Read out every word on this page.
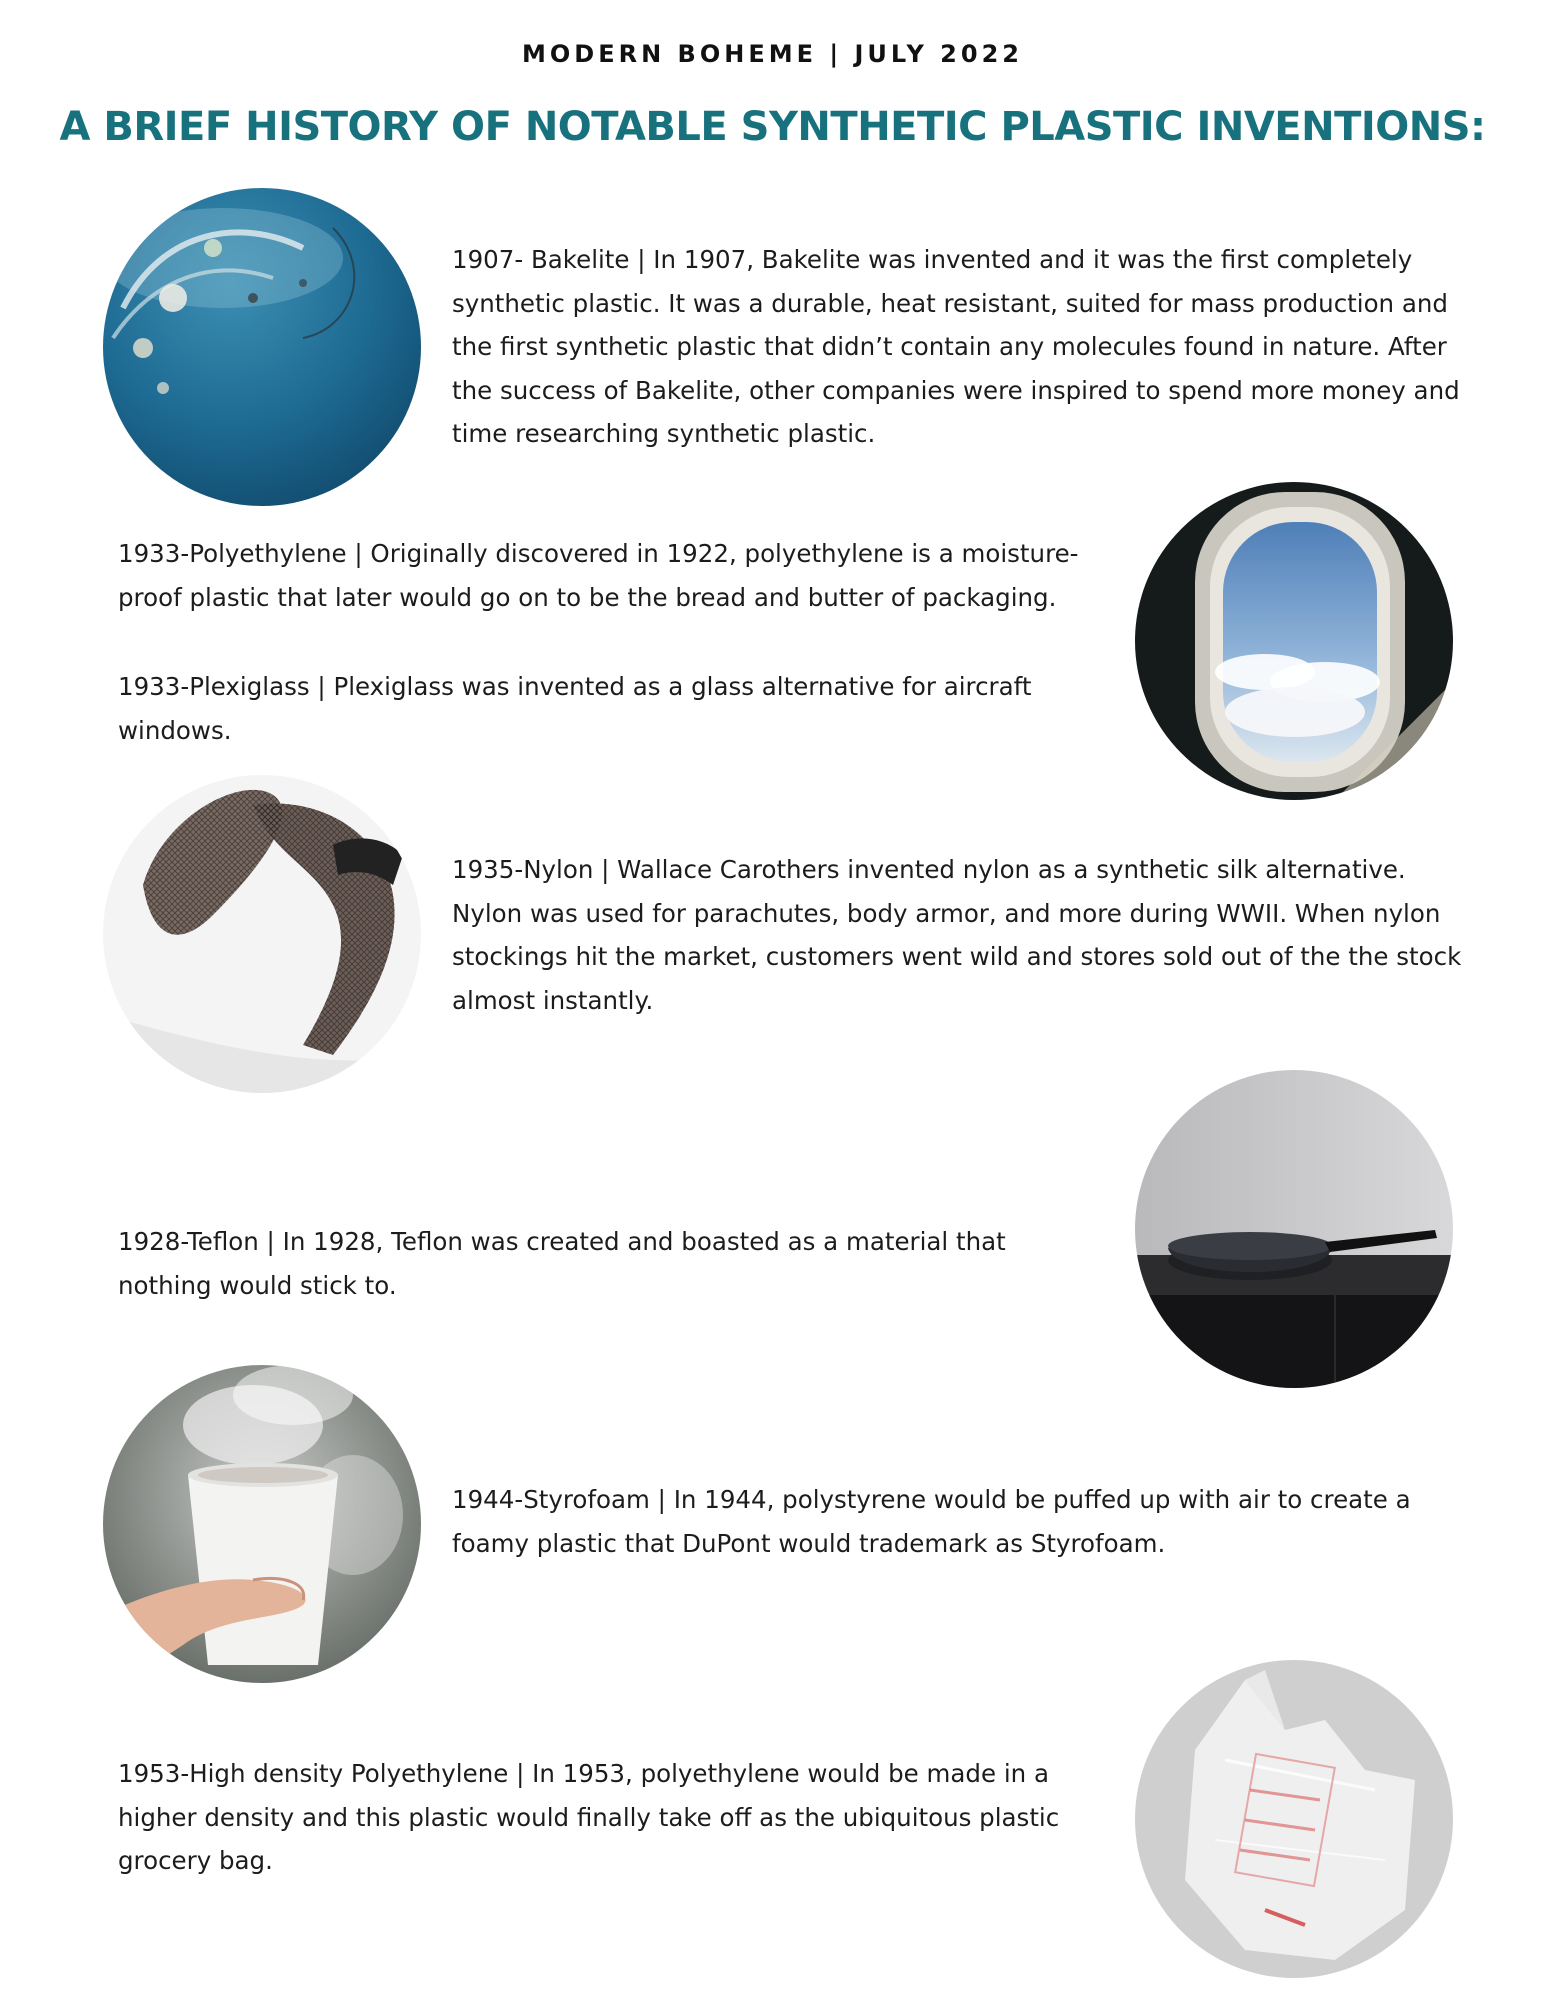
MODERN BOHEME | JULY 2022
A BRIEF HISTORY OF NOTABLE SYNTHETIC PLASTIC INVENTIONS:

1907- Bakelite | In 1907, Bakelite was invented and it was the first completely synthetic plastic. It was a durable, heat resistant, suited for mass production and the first synthetic plastic that didn’t contain any molecules found in nature. After the success of Bakelite, other companies were inspired to spend more money and time researching synthetic plastic.

1933-Polyethylene | Originally discovered in 1922, polyethylene is a moisture-proof plastic that later would go on to be the bread and butter of packaging.

1933-Plexiglass | Plexiglass was invented as a glass alternative for aircraft windows.

1935-Nylon | Wallace Carothers invented nylon as a synthetic silk alternative. Nylon was used for parachutes, body armor, and more during WWII. When nylon stockings hit the market, customers went wild and stores sold out of the the stock almost instantly.

1928-Teflon | In 1928, Teflon was created and boasted as a material that nothing would stick to.

1944-Styrofoam | In 1944, polystyrene would be puffed up with air to create a foamy plastic that DuPont would trademark as Styrofoam.

1953-High density Polyethylene | In 1953, polyethylene would be made in a higher density and this plastic would finally take off as the ubiquitous plastic grocery bag.
